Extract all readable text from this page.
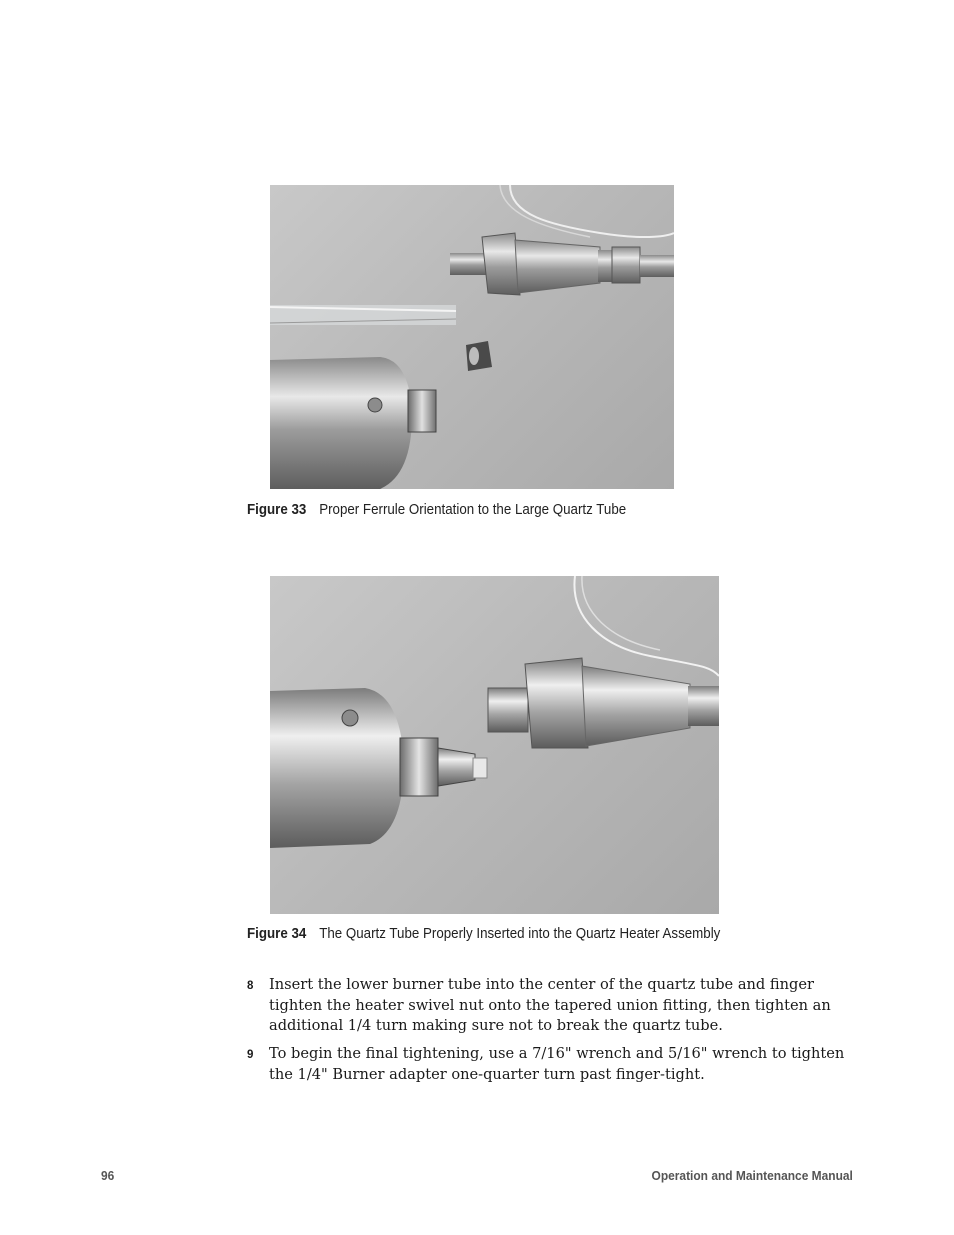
Figure 33 Proper Ferrule Orientation to the Large Quartz Tube
Figure 34 The Quartz Tube Properly Inserted into the Quartz Heater Assembly
8 Insert the lower burner tube into the center of the quartz tube and finger tighten the heater swivel nut onto the tapered union fitting, then tighten an additional 1/4 turn making sure not to break the quartz tube.
9 To begin the final tightening, use a 7/16" wrench and 5/16" wrench to tighten the 1/4" Burner adapter one-quarter turn past finger-tight.
96	Operation and Maintenance Manual
